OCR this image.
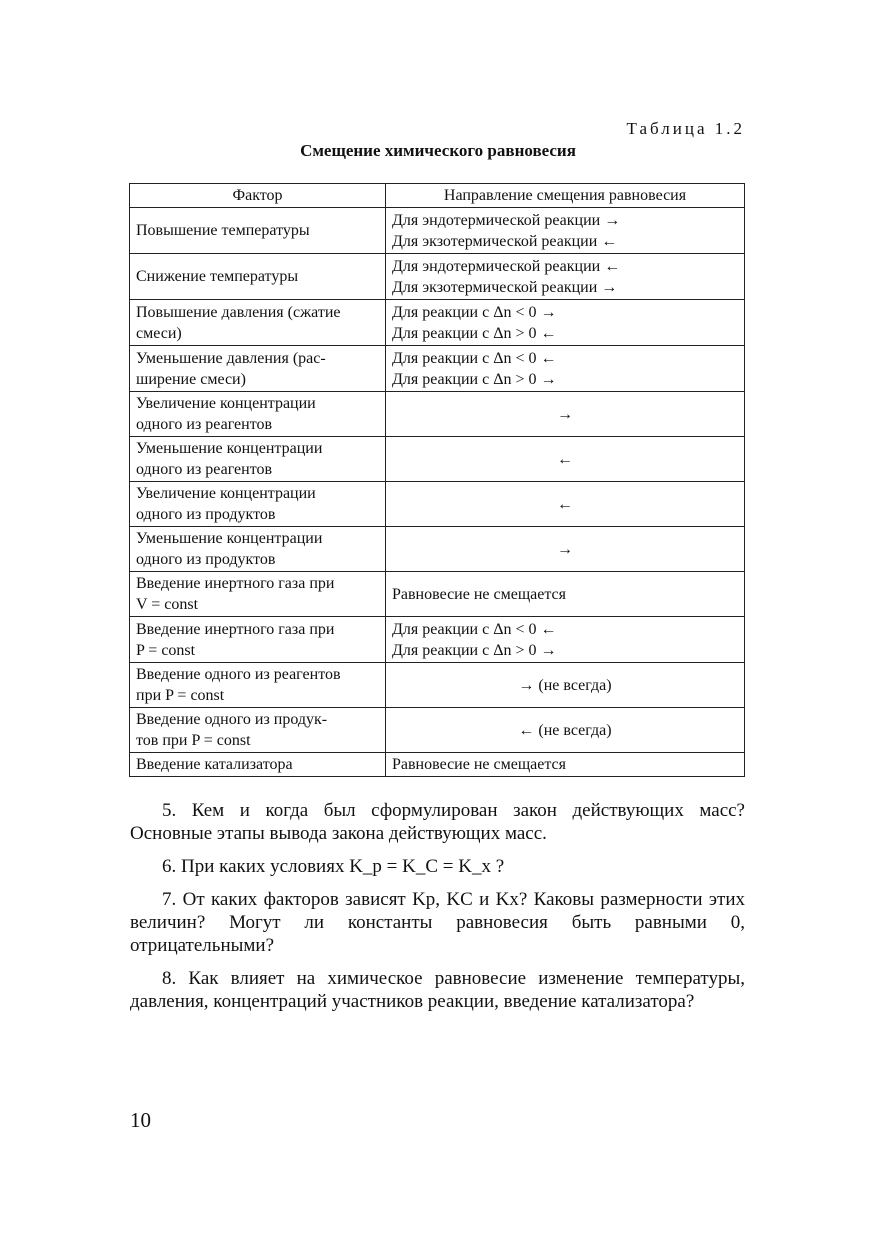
Таблица 1.2
Смещение химического равновесия
Фактор	Направление смещения равновесия

Повышение температуры	Для эндотермической реакции →
Для экзотермической реакции ←

Снижение температуры	Для эндотермической реакции ←
Для экзотермической реакции →

Повышение давления (сжатие
смеси)	Для реакции с Δn < 0 →
Для реакции с Δn > 0 ←

Уменьшение давления (рас-
ширение смеси)	Для реакции с Δn < 0 ←
Для реакции с Δn > 0 →

Увеличение концентрации
одного из реагентов	→

Уменьшение концентрации
одного из реагентов	←

Увеличение концентрации
одного из продуктов	←

Уменьшение концентрации
одного из продуктов	→

Введение инертного газа при
V = const	Равновесие не смещается

Введение инертного газа при
P = const	Для реакции с Δn < 0 ←
Для реакции с Δn > 0 →

Введение одного из реагентов
при P = const	→ (не всегда)

Введение одного из продук-
тов при P = const	← (не всегда)

Введение катализатора	Равновесие не смещается

5. Кем и когда был сформулирован закон действующих масс? Основные этапы вывода закона действующих масс.

6. При каких условиях K_p = K_C = K_x ?

7. От каких факторов зависят Kp, KC и Kx? Каковы размерности этих величин? Могут ли константы равновесия быть равными 0, отрицательными?

8. Как влияет на химическое равновесие изменение температуры, давления, концентраций участников реакции, введение катализатора?

10
